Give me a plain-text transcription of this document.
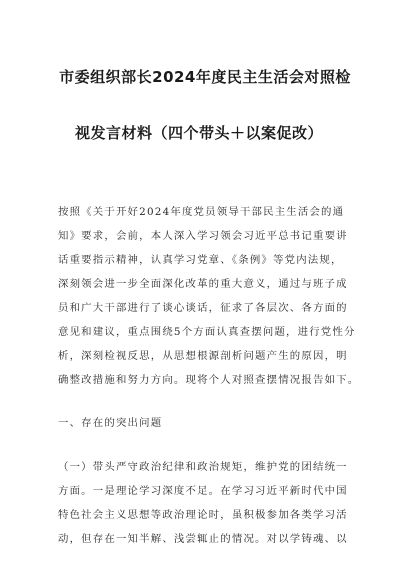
市委组织部长2024年度民主生活会对照检
视发言材料（四个带头＋以案促改）
按照《关于开好2024年度党员领导干部民主生活会的通
知》要求，会前，本人深入学习领会习近平总书记重要讲
话重要指示精神，认真学习党章、《条例》等党内法规，
深刻领会进一步全面深化改革的重大意义，通过与班子成
员和广大干部进行了谈心谈话，征求了各层次、各方面的
意见和建议，重点围绕5个方面认真查摆问题，进行党性分
析，深刻检视反思，从思想根源剖析问题产生的原因，明
确整改措施和努力方向。现将个人对照查摆情况报告如下。
一、存在的突出问题
（一）带头严守政治纪律和政治规矩，维护党的团结统一
方面。一是理论学习深度不足。在学习习近平新时代中国
特色社会主义思想等政治理论时，虽积极参加各类学习活
动，但存在一知半解、浅尝辄止的情况。对以学铸魂、以
